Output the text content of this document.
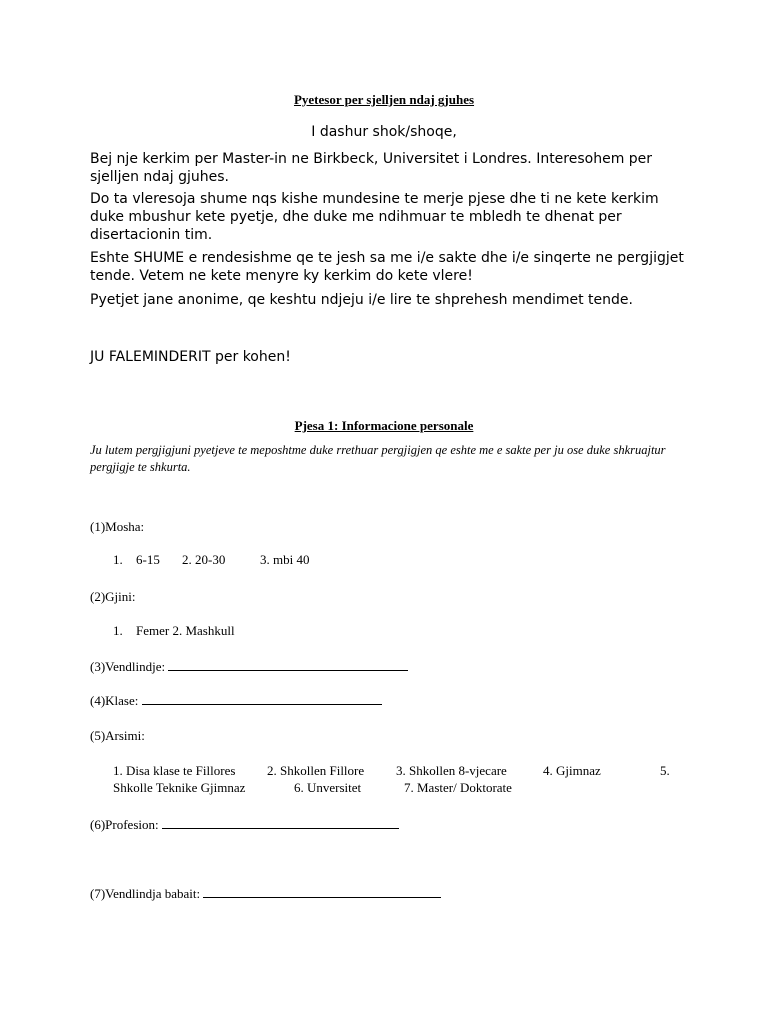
Pyetesor per sjelljen ndaj gjuhes
I dashur shok/shoqe,
Bej nje kerkim per Master-in ne Birkbeck, Universitet i Londres. Interesohem per sjelljen ndaj gjuhes.
Do ta vleresoja shume nqs kishe mundesine te merje pjese dhe ti ne kete kerkim duke mbushur kete pyetje, dhe duke me ndihmuar te mbledh te dhenat per disertacionin tim.
Eshte SHUME e rendesishme qe te jesh sa me i/e sakte dhe i/e sinqerte ne pergjigjet tende. Vetem ne kete menyre ky kerkim do kete vlere!
Pyetjet jane anonime, qe keshtu ndjeju i/e lire te shprehesh mendimet tende.
JU FALEMINDERIT per kohen!
Pjesa 1: Informacione personale
Ju lutem pergjigjuni pyetjeve te meposhtme duke rrethuar pergjigjen qe eshte me e sakte per ju ose duke shkruajtur pergjigje te shkurta.
(1)Mosha:
1. 6-15 2. 20-30	3. mbi 40
(2)Gjini:
1. Femer 2. Mashkull
(3)Vendlindje:
(4)Klase:
(5)Arsimi:
1. Disa klase te Fillores 2. Shkollen Fillore 3. Shkollen 8-vjecare	4. Gjimnaz	5.
Shkolle Teknike Gjimnaz	6. Unversitet	7. Master/ Doktorate
(6)Profesion:
(7)Vendlindja babait:
